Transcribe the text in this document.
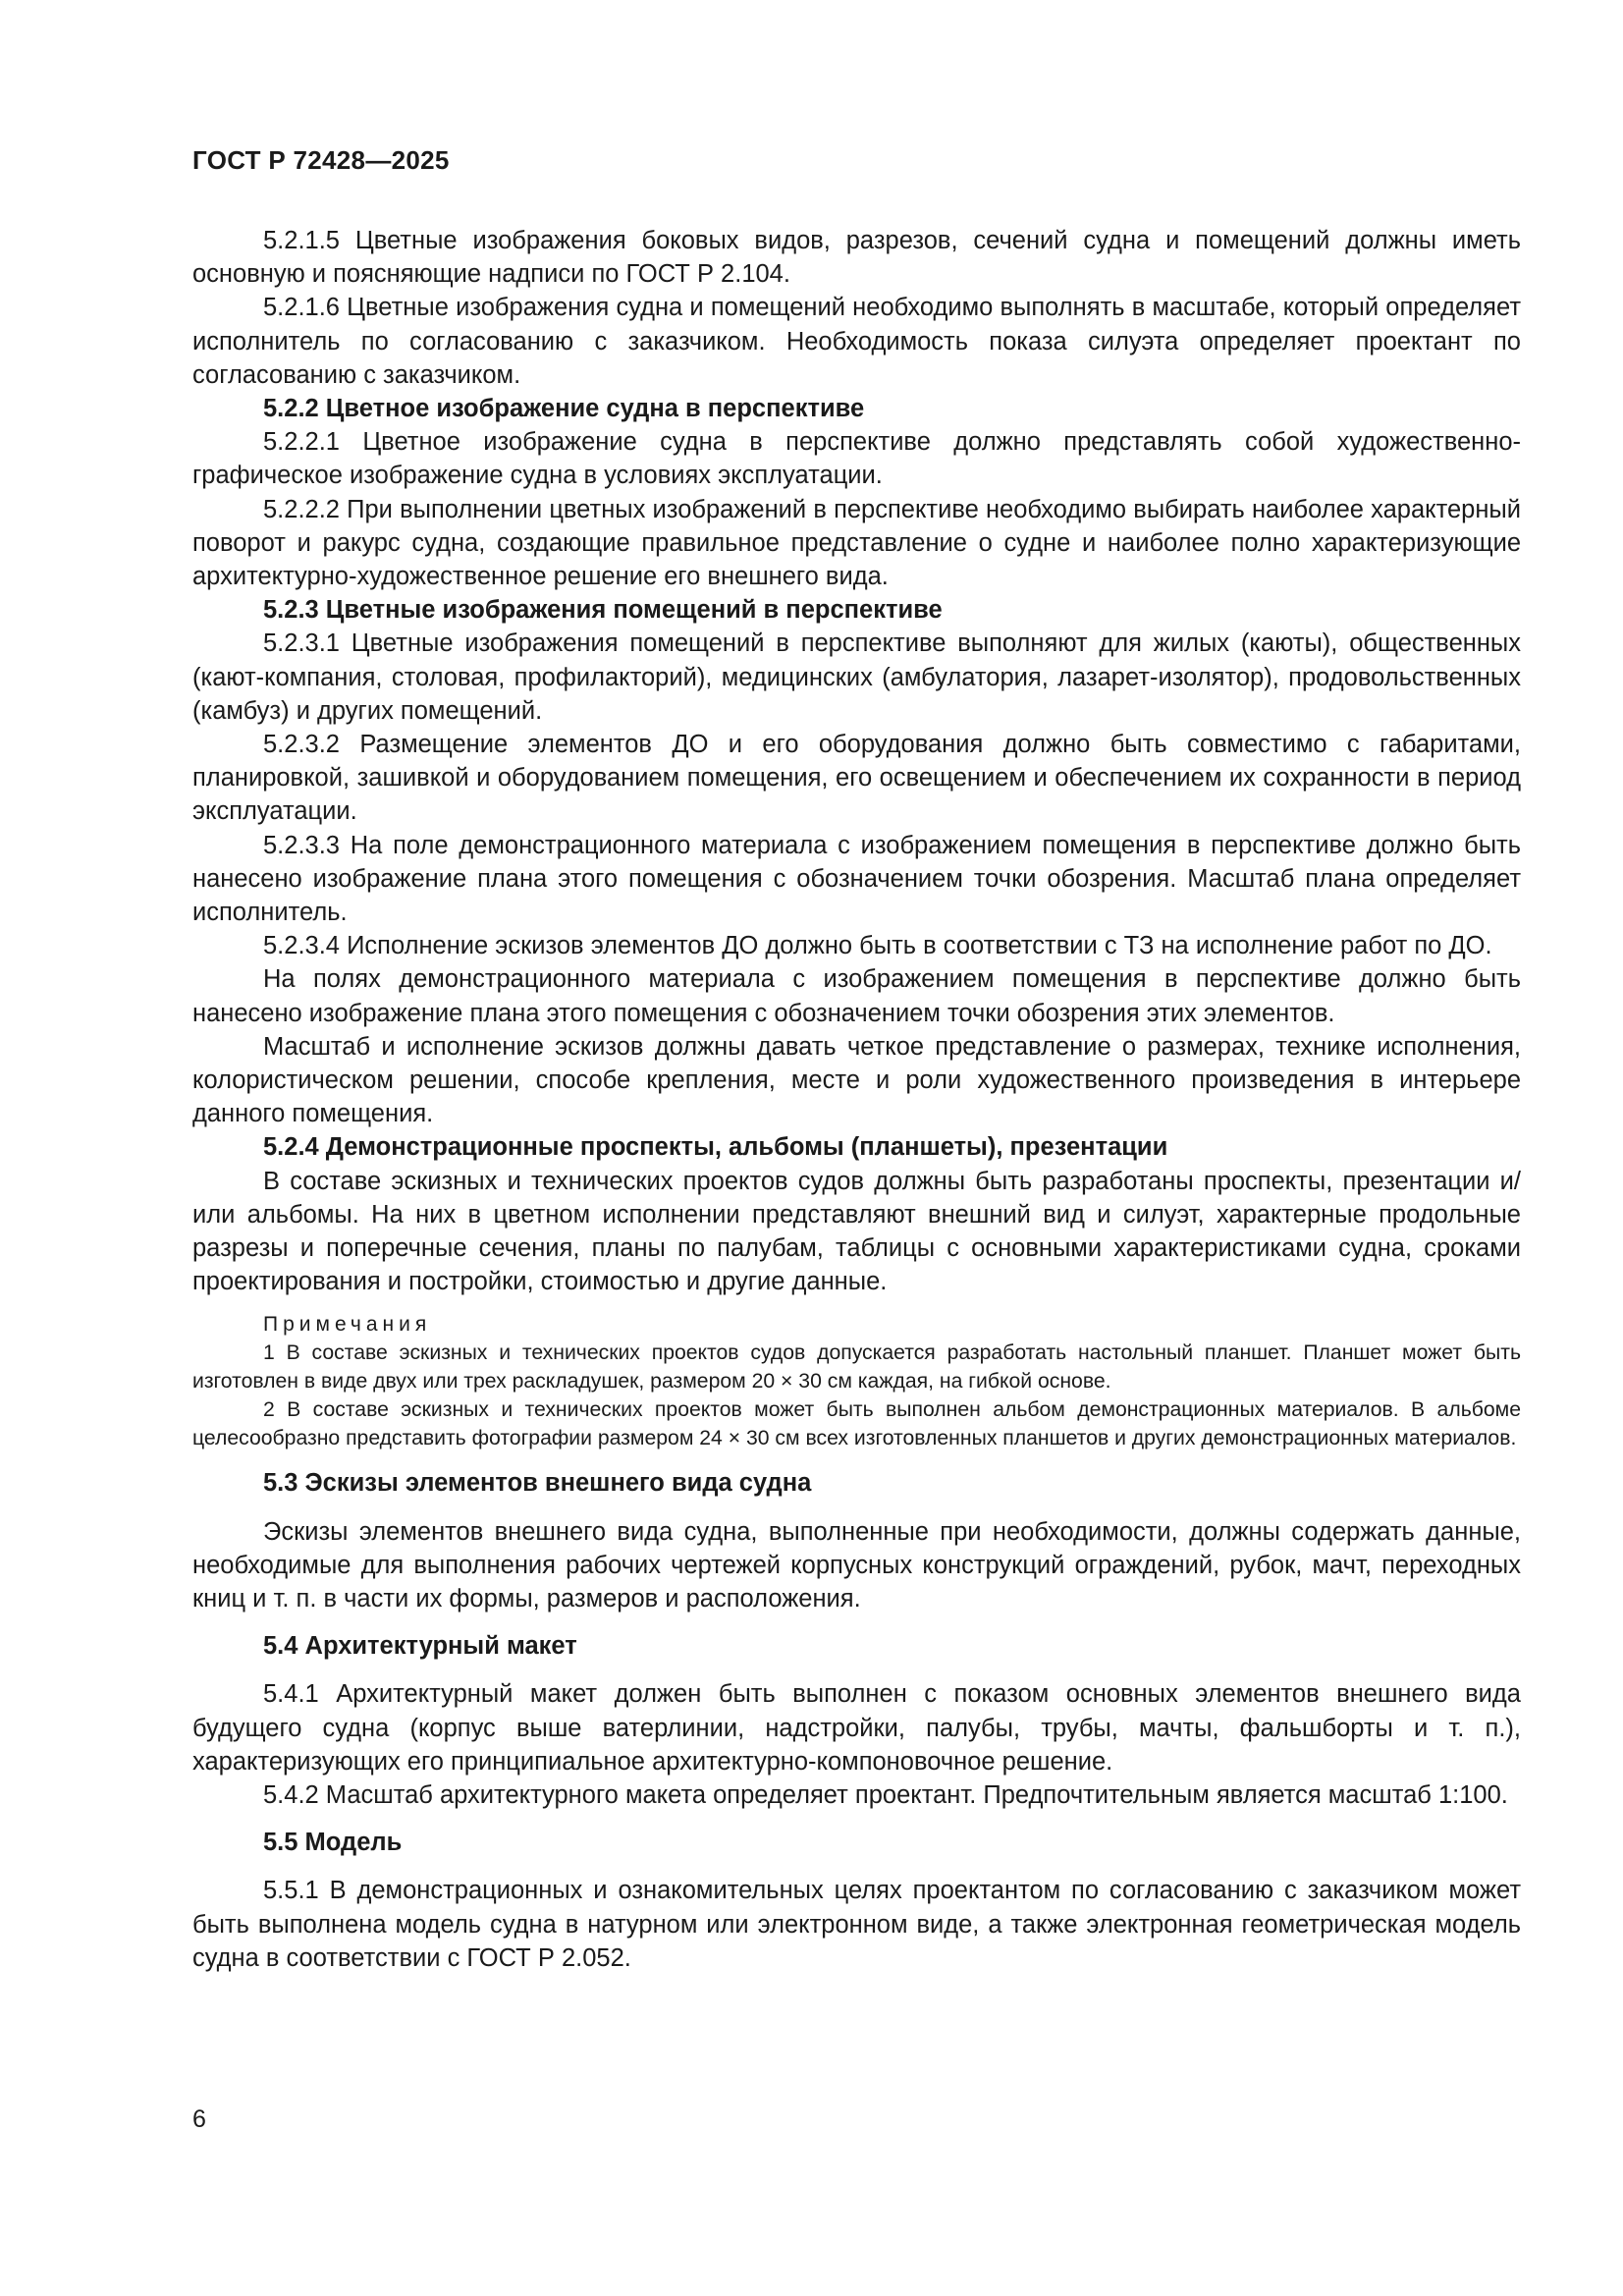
ГОСТ Р 72428—2025

5.2.1.5 Цветные изображения боковых видов, разрезов, сечений судна и помещений должны иметь основную и поясняющие надписи по ГОСТ Р 2.104.

5.2.1.6 Цветные изображения судна и помещений необходимо выполнять в масштабе, который определяет исполнитель по согласованию с заказчиком. Необходимость показа силуэта определяет проектант по согласованию с заказчиком.

5.2.2 Цветное изображение судна в перспективе

5.2.2.1 Цветное изображение судна в перспективе должно представлять собой художественно-графическое изображение судна в условиях эксплуатации.

5.2.2.2 При выполнении цветных изображений в перспективе необходимо выбирать наиболее характерный поворот и ракурс судна, создающие правильное представление о судне и наиболее полно характеризующие архитектурно-художественное решение его внешнего вида.

5.2.3 Цветные изображения помещений в перспективе

5.2.3.1 Цветные изображения помещений в перспективе выполняют для жилых (каюты), общественных (кают-компания, столовая, профилакторий), медицинских (амбулатория, лазарет-изолятор), продовольственных (камбуз) и других помещений.

5.2.3.2 Размещение элементов ДО и его оборудования должно быть совместимо с габаритами, планировкой, зашивкой и оборудованием помещения, его освещением и обеспечением их сохранности в период эксплуатации.

5.2.3.3 На поле демонстрационного материала с изображением помещения в перспективе должно быть нанесено изображение плана этого помещения с обозначением точки обозрения. Масштаб плана определяет исполнитель.

5.2.3.4 Исполнение эскизов элементов ДО должно быть в соответствии с ТЗ на исполнение работ по ДО.

На полях демонстрационного материала с изображением помещения в перспективе должно быть нанесено изображение плана этого помещения с обозначением точки обозрения этих элементов.

Масштаб и исполнение эскизов должны давать четкое представление о размерах, технике исполнения, колористическом решении, способе крепления, месте и роли художественного произведения в интерьере данного помещения.

5.2.4 Демонстрационные проспекты, альбомы (планшеты), презентации

В составе эскизных и технических проектов судов должны быть разработаны проспекты, презентации и/или альбомы. На них в цветном исполнении представляют внешний вид и силуэт, характерные продольные разрезы и поперечные сечения, планы по палубам, таблицы с основными характеристиками судна, сроками проектирования и постройки, стоимостью и другие данные.

Примечания

1 В составе эскизных и технических проектов судов допускается разработать настольный планшет. Планшет может быть изготовлен в виде двух или трех раскладушек, размером 20 × 30 см каждая, на гибкой основе.

2 В составе эскизных и технических проектов может быть выполнен альбом демонстрационных материалов. В альбоме целесообразно представить фотографии размером 24 × 30 см всех изготовленных планшетов и других демонстрационных материалов.

5.3 Эскизы элементов внешнего вида судна

Эскизы элементов внешнего вида судна, выполненные при необходимости, должны содержать данные, необходимые для выполнения рабочих чертежей корпусных конструкций ограждений, рубок, мачт, переходных книц и т. п. в части их формы, размеров и расположения.

5.4 Архитектурный макет

5.4.1 Архитектурный макет должен быть выполнен с показом основных элементов внешнего вида будущего судна (корпус выше ватерлинии, надстройки, палубы, трубы, мачты, фальшборты и т. п.), характеризующих его принципиальное архитектурно-компоновочное решение.

5.4.2 Масштаб архитектурного макета определяет проектант. Предпочтительным является масштаб 1:100.

5.5 Модель

5.5.1 В демонстрационных и ознакомительных целях проектантом по согласованию с заказчиком может быть выполнена модель судна в натурном или электронном виде, а также электронная геометрическая модель судна в соответствии с ГОСТ Р 2.052.

6
